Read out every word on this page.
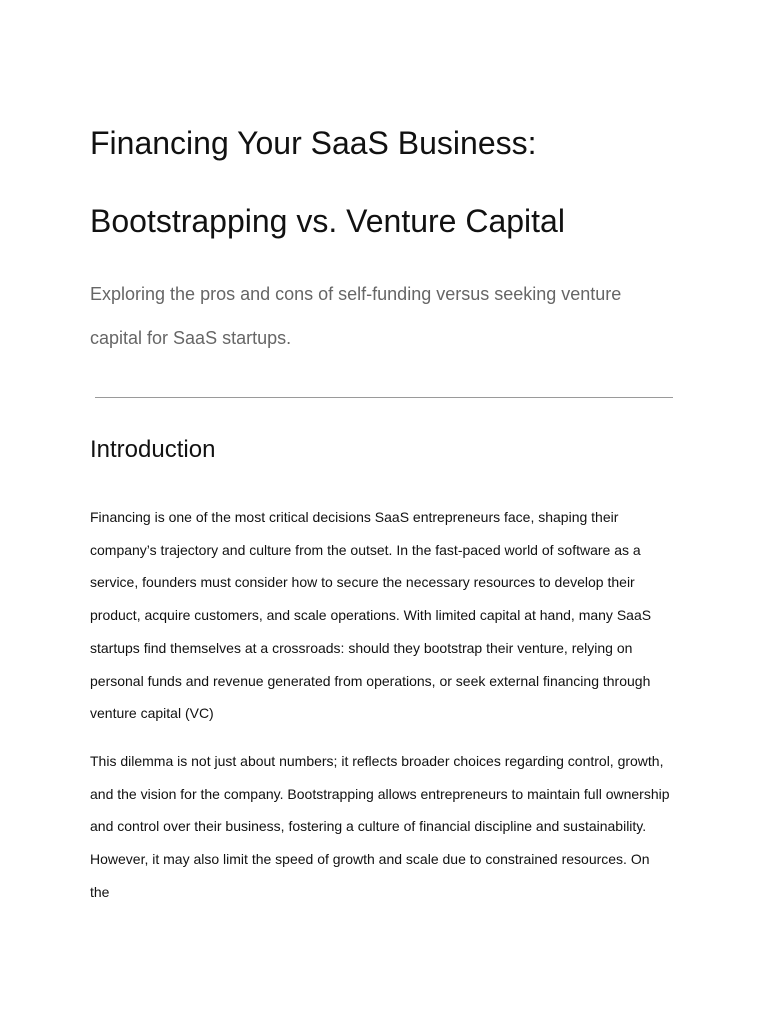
Financing Your SaaS Business:
Bootstrapping vs. Venture Capital

Exploring the pros and cons of self-funding versus seeking venture capital for SaaS startups.

Introduction

Financing is one of the most critical decisions SaaS entrepreneurs face, shaping their company’s trajectory and culture from the outset. In the fast-paced world of software as a service, founders must consider how to secure the necessary resources to develop their product, acquire customers, and scale operations. With limited capital at hand, many SaaS startups find themselves at a crossroads: should they bootstrap their venture, relying on personal funds and revenue generated from operations, or seek external financing through venture capital (VC)

This dilemma is not just about numbers; it reflects broader choices regarding control, growth, and the vision for the company. Bootstrapping allows entrepreneurs to maintain full ownership and control over their business, fostering a culture of financial discipline and sustainability. However, it may also limit the speed of growth and scale due to constrained resources. On the
